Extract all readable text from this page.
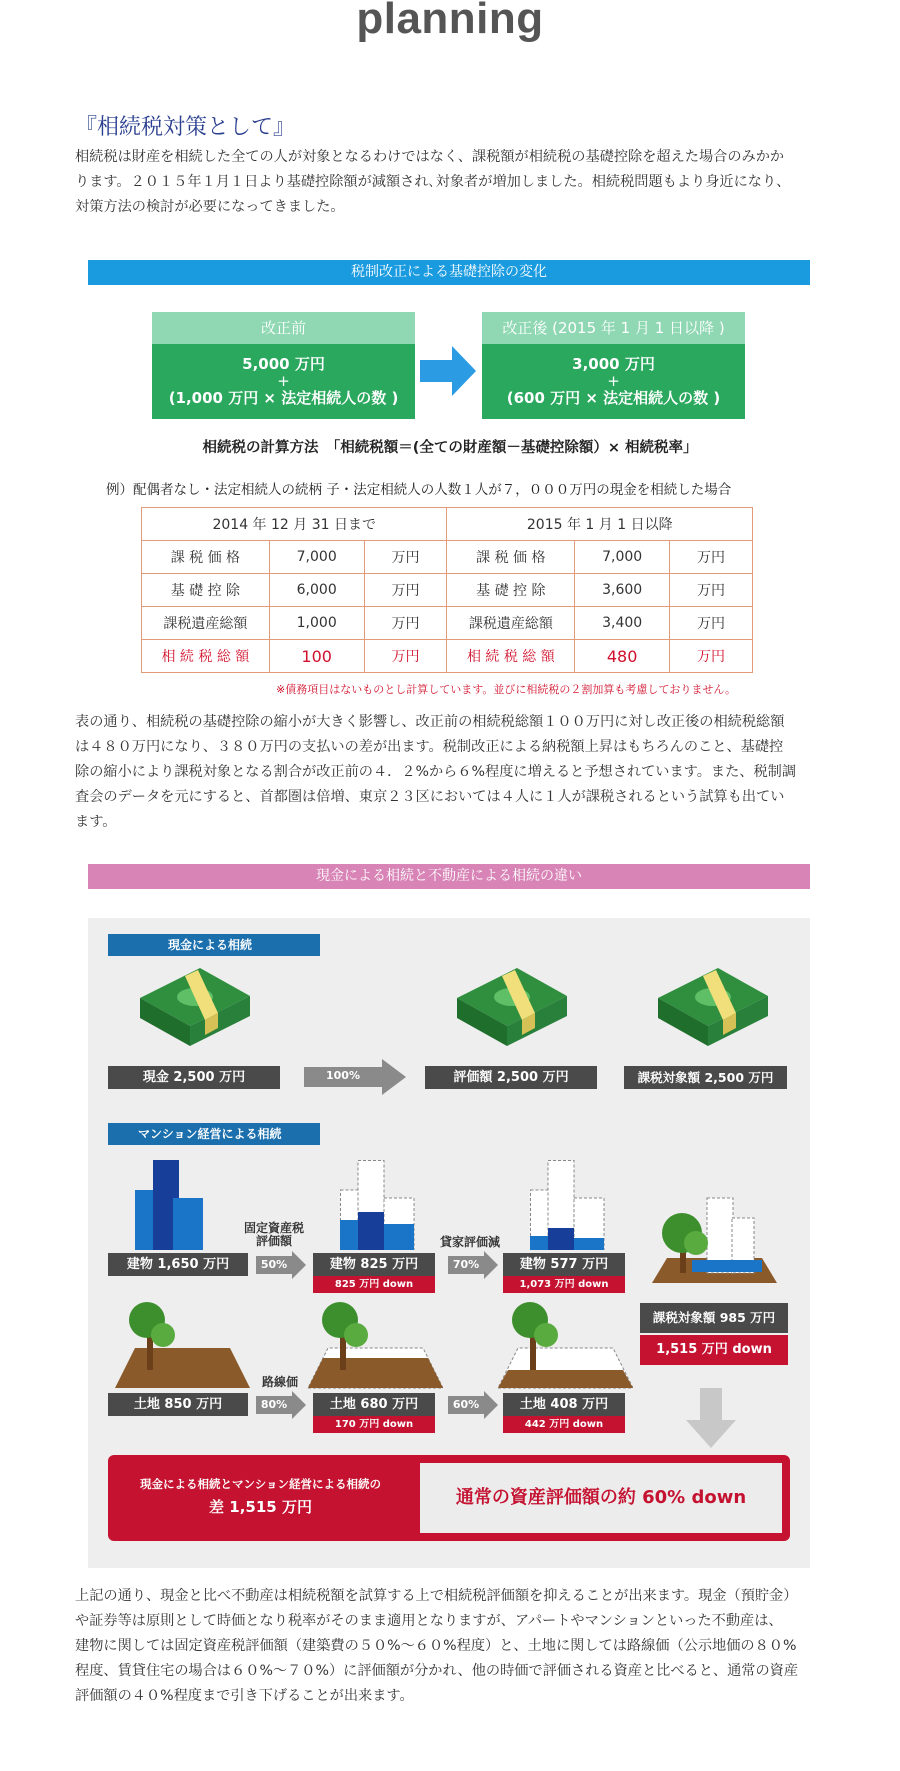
planning
『相続税対策として』
相続税は財産を相続した全ての人が対象となるわけではなく、課税額が相続税の基礎控除を超えた場合のみかか
ります。２０１５年１月１日より基礎控除額が減額され､対象者が増加しました。相続税問題もより身近になり、
対策方法の検討が必要になってきました。
税制改正による基礎控除の変化
改正前
5,000 万円
+
(1,000 万円 × 法定相続人の数 )
改正後 (2015 年 1 月 1 日以降 )
3,000 万円
+
(600 万円 × 法定相続人の数 )
相続税の計算方法　「相続税額＝(全ての財産額－基礎控除額）× 相続税率」
例）配偶者なし・法定相続人の続柄 子・法定相続人の人数１人が７，０００万円の現金を相続した場合
2014 年 12 月 31 日まで			2015 年 1 月 1 日以降		
課 税 価 格	7,000	万円	課 税 価 格	7,000	万円
基 礎 控 除	6,000	万円	基 礎 控 除	3,600	万円
課税遺産総額	1,000	万円	課税遺産総額	3,400	万円
相 続 税 総 額	100	万円	相 続 税 総 額	480	万円
※債務項目はないものとし計算しています。並びに相続税の２割加算も考慮しておりません。
表の通り、相続税の基礎控除の縮小が大きく影響し、改正前の相続税総額１００万円に対し改正後の相続税総額
は４８０万円になり、３８０万円の支払いの差が出ます。税制改正による納税額上昇はもちろんのこと、基礎控
除の縮小により課税対象となる割合が改正前の４．２%から６%程度に増えると予想されています。また、税制調
査会のデータを元にすると、首都圏は倍増、東京２３区においては４人に１人が課税されるという試算も出てい
ます。
現金による相続と不動産による相続の違い
現金による相続
現金 2,500 万円	100%	評価額 2,500 万円	課税対象額 2,500 万円
マンション経営による相続
建物 1,650 万円
固定資産税
評価額
50%	建物 825 万円
825 万円 down
貸家評価減
70%	建物 577 万円
1,073 万円 down
課税対象額 985 万円
1,515 万円 down
土地 850 万円
路線価
80%	土地 680 万円
170 万円 down
60%	土地 408 万円
442 万円 down
現金による相続とマンション経営による相続の
差 1,515 万円	通常の資産評価額の約 60% down
上記の通り、現金と比べ不動産は相続税額を試算する上で相続税評価額を抑えることが出来ます。現金（預貯金）
や証券等は原則として時価となり税率がそのまま適用となりますが、アパートやマンションといった不動産は、
建物に関しては固定資産税評価額（建築費の５０%〜６０%程度）と、土地に関しては路線価（公示地価の８０%
程度、賃貸住宅の場合は６０%〜７０%）に評価額が分かれ、他の時価で評価される資産と比べると、通常の資産
評価額の４０%程度まで引き下げることが出来ます。
